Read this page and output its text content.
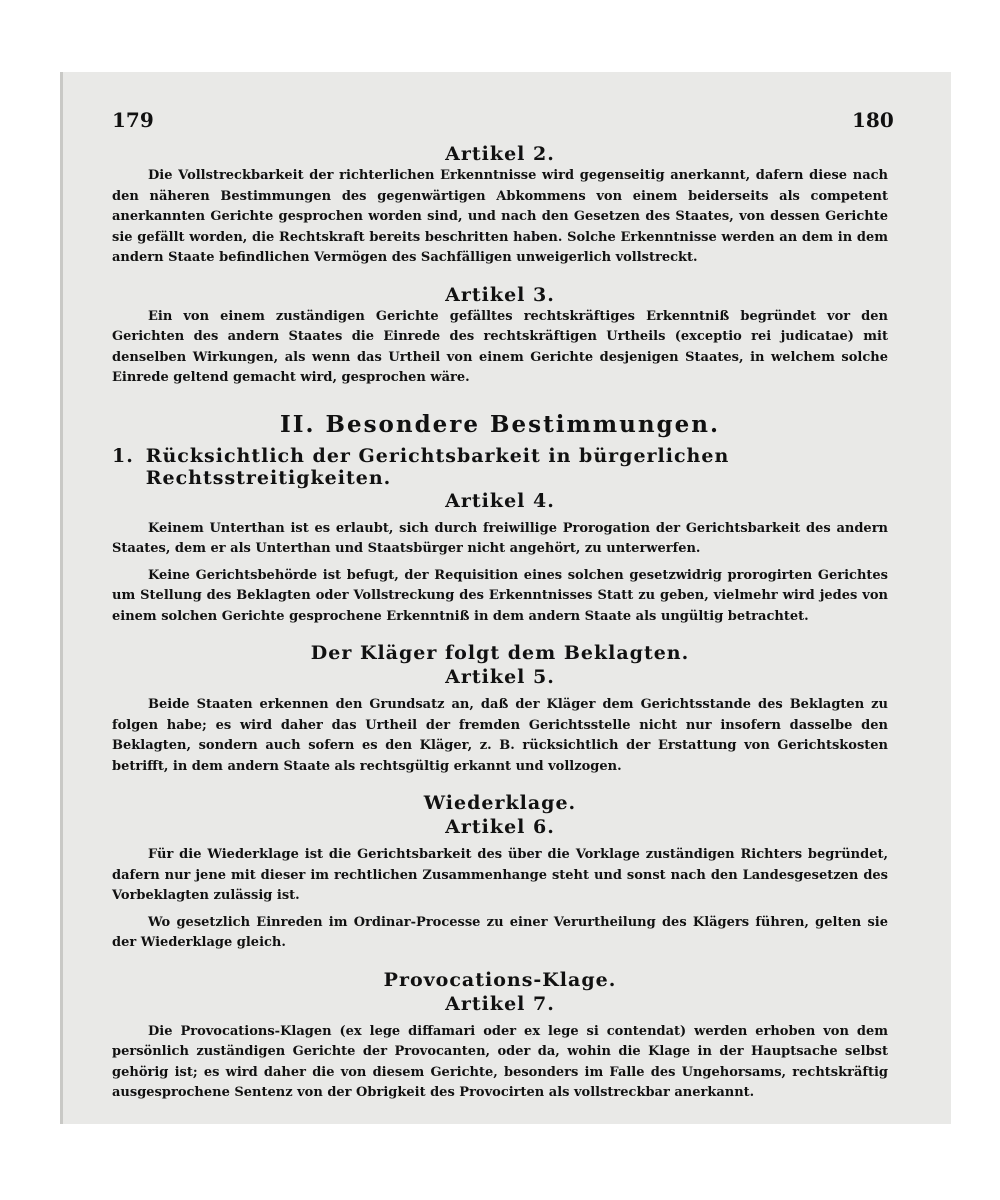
179	180
Artikel 2.

Die Vollstreckbarkeit der richterlichen Erkenntnisse wird gegenseitig anerkannt, dafern diese nach den näheren Bestimmungen des gegenwärtigen Abkommens von einem beiderseits als competent anerkannten Gerichte gesprochen worden sind, und nach den Gesetzen des Staates, von dessen Gerichte sie gefällt worden, die Rechtskraft bereits beschritten haben. Solche Erkenntnisse werden an dem in dem andern Staate befindlichen Vermögen des Sachfälligen unweigerlich vollstreckt.

Artikel 3.

Ein von einem zuständigen Gerichte gefälltes rechtskräftiges Erkenntniß begründet vor den Gerichten des andern Staates die Einrede des rechtskräftigen Urtheils (exceptio rei judicatae) mit denselben Wirkungen, als wenn das Urtheil von einem Gerichte desjenigen Staates, in welchem solche Einrede geltend gemacht wird, gesprochen wäre.

II. Besondere Bestimmungen.
1. Rücksichtlich der Gerichtsbarkeit in bürgerlichen Rechtsstreitigkeiten.
Artikel 4.

Keinem Unterthan ist es erlaubt, sich durch freiwillige Prorogation der Gerichtsbarkeit des andern Staates, dem er als Unterthan und Staatsbürger nicht angehört, zu unterwerfen.

Keine Gerichtsbehörde ist befugt, der Requisition eines solchen gesetzwidrig prorogirten Gerichtes um Stellung des Beklagten oder Vollstreckung des Erkenntnisses Statt zu geben, vielmehr wird jedes von einem solchen Gerichte gesprochene Erkenntniß in dem andern Staate als ungültig betrachtet.

Der Kläger folgt dem Beklagten.
Artikel 5.

Beide Staaten erkennen den Grundsatz an, daß der Kläger dem Gerichtsstande des Beklagten zu folgen habe; es wird daher das Urtheil der fremden Gerichtsstelle nicht nur insofern dasselbe den Beklagten, sondern auch sofern es den Kläger, z. B. rücksichtlich der Erstattung von Gerichtskosten betrifft, in dem andern Staate als rechtsgültig erkannt und vollzogen.

Wiederklage.
Artikel 6.

Für die Wiederklage ist die Gerichtsbarkeit des über die Vorklage zuständigen Richters begründet, dafern nur jene mit dieser im rechtlichen Zusammenhange steht und sonst nach den Landesgesetzen des Vorbeklagten zulässig ist.

Wo gesetzlich Einreden im Ordinar-Processe zu einer Verurtheilung des Klägers führen, gelten sie der Wiederklage gleich.

Provocations-Klage.
Artikel 7.

Die Provocations-Klagen (ex lege diffamari oder ex lege si contendat) werden erhoben von dem persönlich zuständigen Gerichte der Provocanten, oder da, wohin die Klage in der Hauptsache selbst gehörig ist; es wird daher die von diesem Gerichte, besonders im Falle des Ungehorsams, rechtskräftig ausgesprochene Sentenz von der Obrigkeit des Provocirten als vollstreckbar anerkannt.
